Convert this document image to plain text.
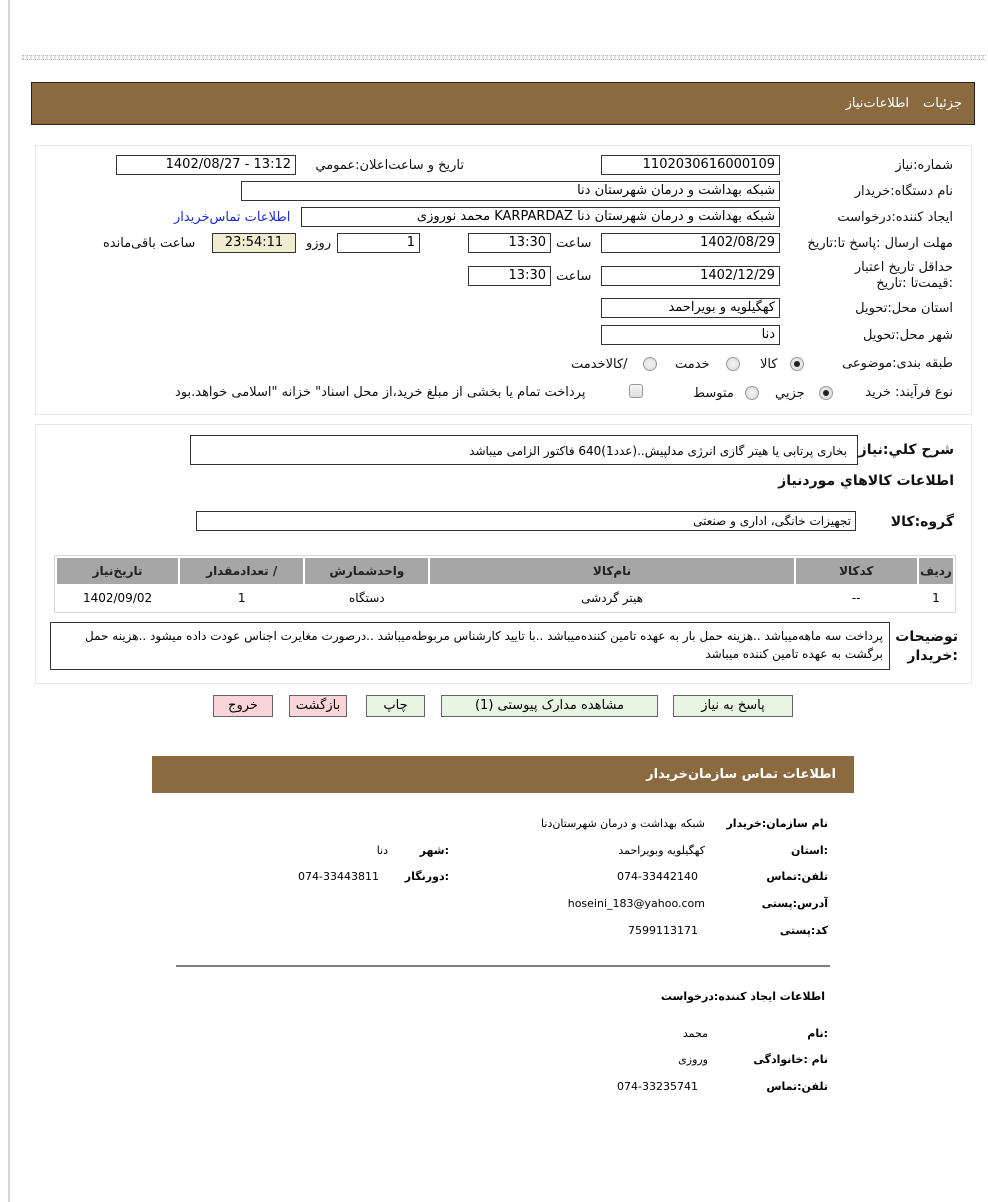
جزئیات
اطلاعات‌نیاز
شماره‌:نیاز
1102030616000109
تاریخ و ساعت‌اعلان:عمومي
1402/08/27 - 13:12
نام دستگاه:خریدار
شبکه بهداشت و درمان شهرستان دنا
ایجاد کننده:درخواست
شبکه بهداشت و درمان شهرستان دنا KARPARDAZ محمد نوروزی
اطلاعات تماس‌خریدار
مهلت ارسال :پاسخ تا:تاریخ
1402/08/29
ساعت
13:30
1
روزو
23:54:11
ساعت باقی‌مانده
حداقل تاریخ اعتبار :قیمت‌تا :تاریخ
1402/12/29
ساعت
13:30
استان محل:تحویل
کهگیلویه و بویراحمد
شهر محل:تحویل
دنا
طبقه بندی:موضوعی
کالا
خدمت
/کالاخدمت
نوع فرآیند: خرید
جزيي
متوسط
پرداخت تمام یا بخشی از مبلغ خرید،از محل اسناد" خزانه "اسلامی خواهد.بود
شرح کلي:نیاز
بخاری پرتابی یا هیتر گازی انرژی مدلپیش..(عدد1)640 فاکتور الزامی میباشد
اطلاعات کالاهاي موردنیاز
گروه:کالا
تجهیزات خانگی، اداری و صنعتی
ردیف	کدکالا	نام‌کالا	واحدشمارش	/ تعدادمقدار	تاریخ‌نیاز
1	--	هیتر گردشی	دستگاه	1	1402/09/02
توضیحات
:خریدار
پرداخت سه ماهه‌میباشد ..هزینه حمل بار به عهده تامین کننده‌میباشد ..با تایید کارشناس مربوطه‌میباشد ..درصورت مغایرت اجناس عودت داده میشود ..هزینه حمل برگشت به عهده تامین کننده میباشد
پاسخ به نیاز
مشاهده مدارک پیوستی (1)
چاپ
بازگشت
خروج
اطلاعات تماس سازمان‌خریدار
نام سازمان:خریدار
شبکه بهداشت و درمان شهرستان‌دنا
:استان
کهگیلویه وبویراحمد
:شهر
دنا
تلفن:تماس
074-33442140
:دورنگار
074-33443811
آدرس:پستی
hoseini_183@yahoo.com
کد:پستی
7599113171
اطلاعات ایجاد کننده:درخواست
:نام
محمد
نام :خانوادگی
وروزی
تلفن:تماس
074-33235741
